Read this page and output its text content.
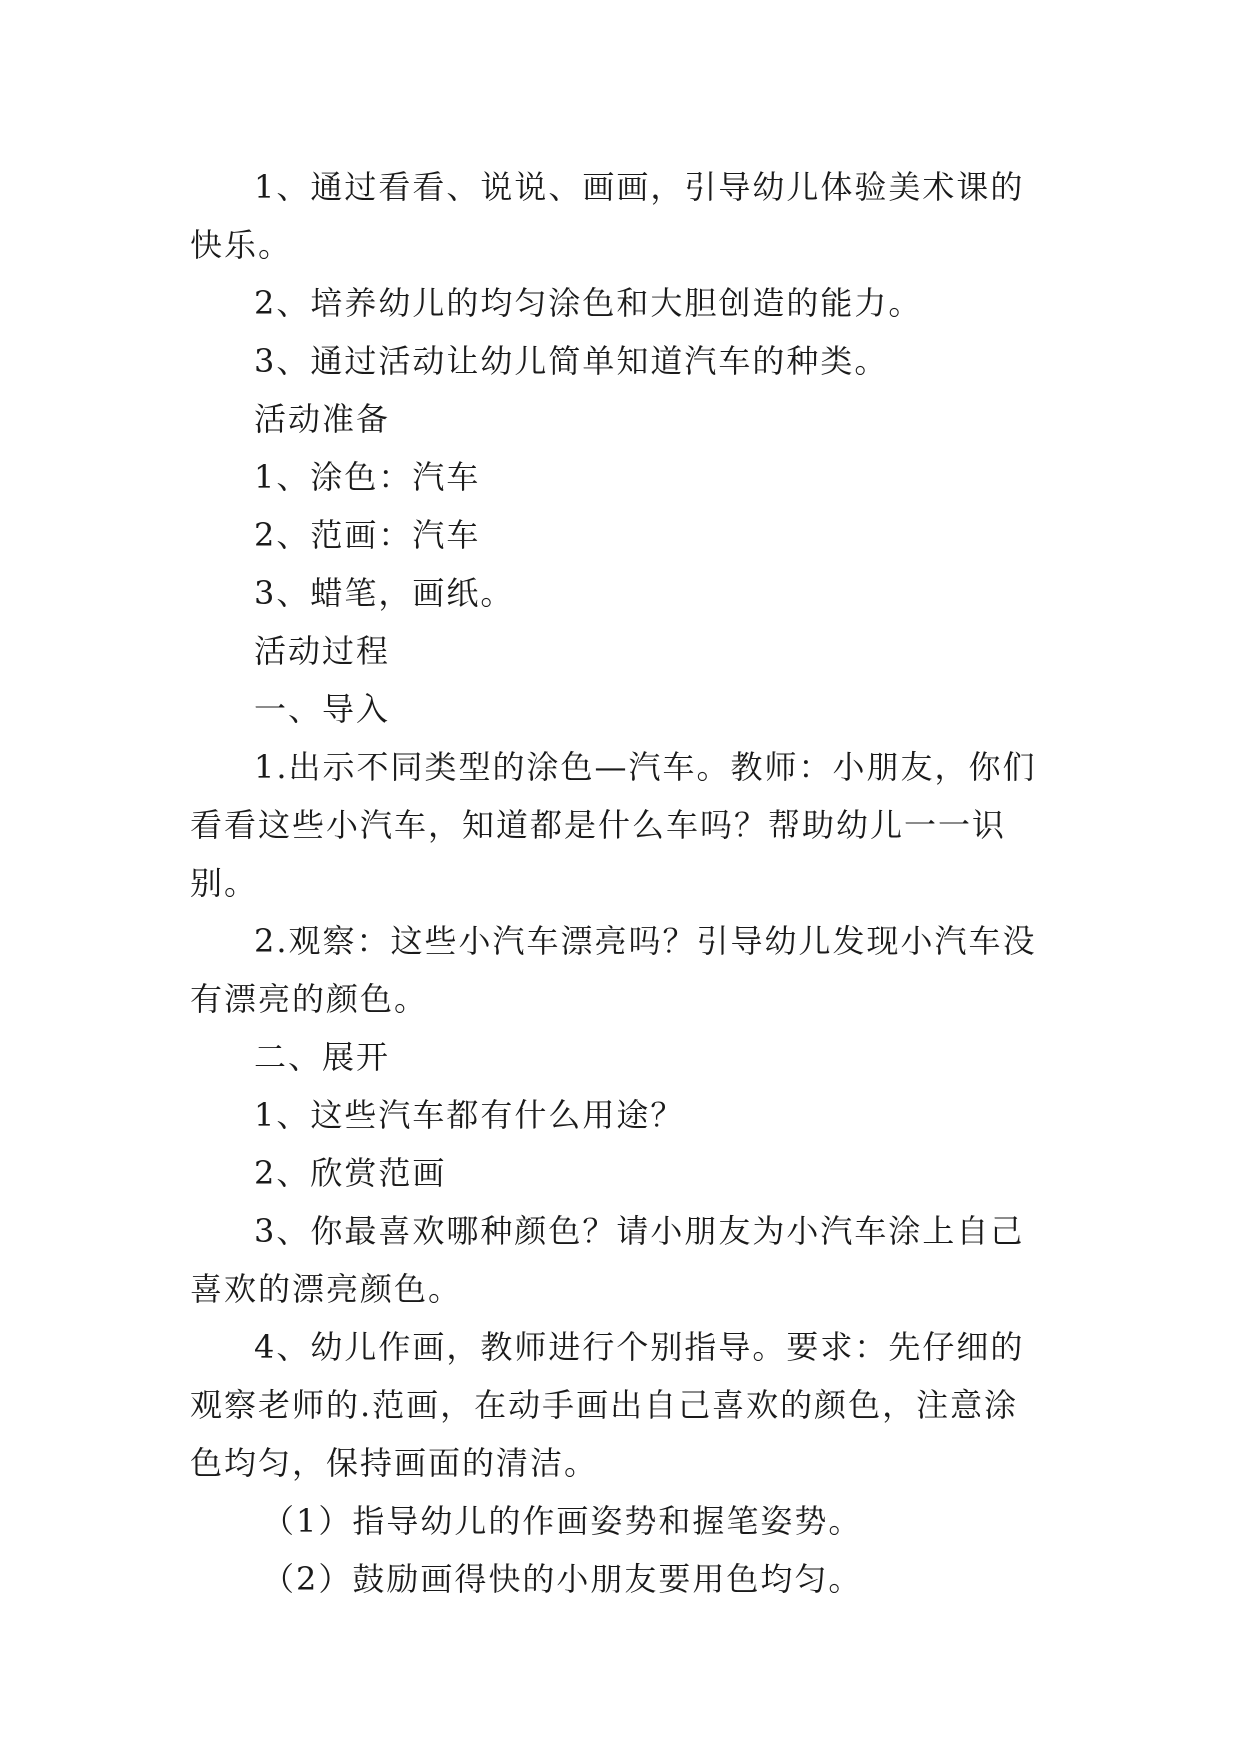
1、通过看看、说说、画画，引导幼儿体验美术课的快乐。

2、培养幼儿的均匀涂色和大胆创造的能力。

3、通过活动让幼儿简单知道汽车的种类。

活动准备

1、涂色：汽车

2、范画：汽车

3、蜡笔，画纸。

活动过程

一、导入

1.出示不同类型的涂色—汽车。教师：小朋友，你们看看这些小汽车，知道都是什么车吗？帮助幼儿一一识别。

2.观察：这些小汽车漂亮吗？引导幼儿发现小汽车没有漂亮的颜色。

二、展开

1、这些汽车都有什么用途？

2、欣赏范画

3、你最喜欢哪种颜色？请小朋友为小汽车涂上自己喜欢的漂亮颜色。

4、幼儿作画，教师进行个别指导。要求：先仔细的观察老师的.范画，在动手画出自己喜欢的颜色，注意涂色均匀，保持画面的清洁。

（1）指导幼儿的作画姿势和握笔姿势。

（2）鼓励画得快的小朋友要用色均匀。
